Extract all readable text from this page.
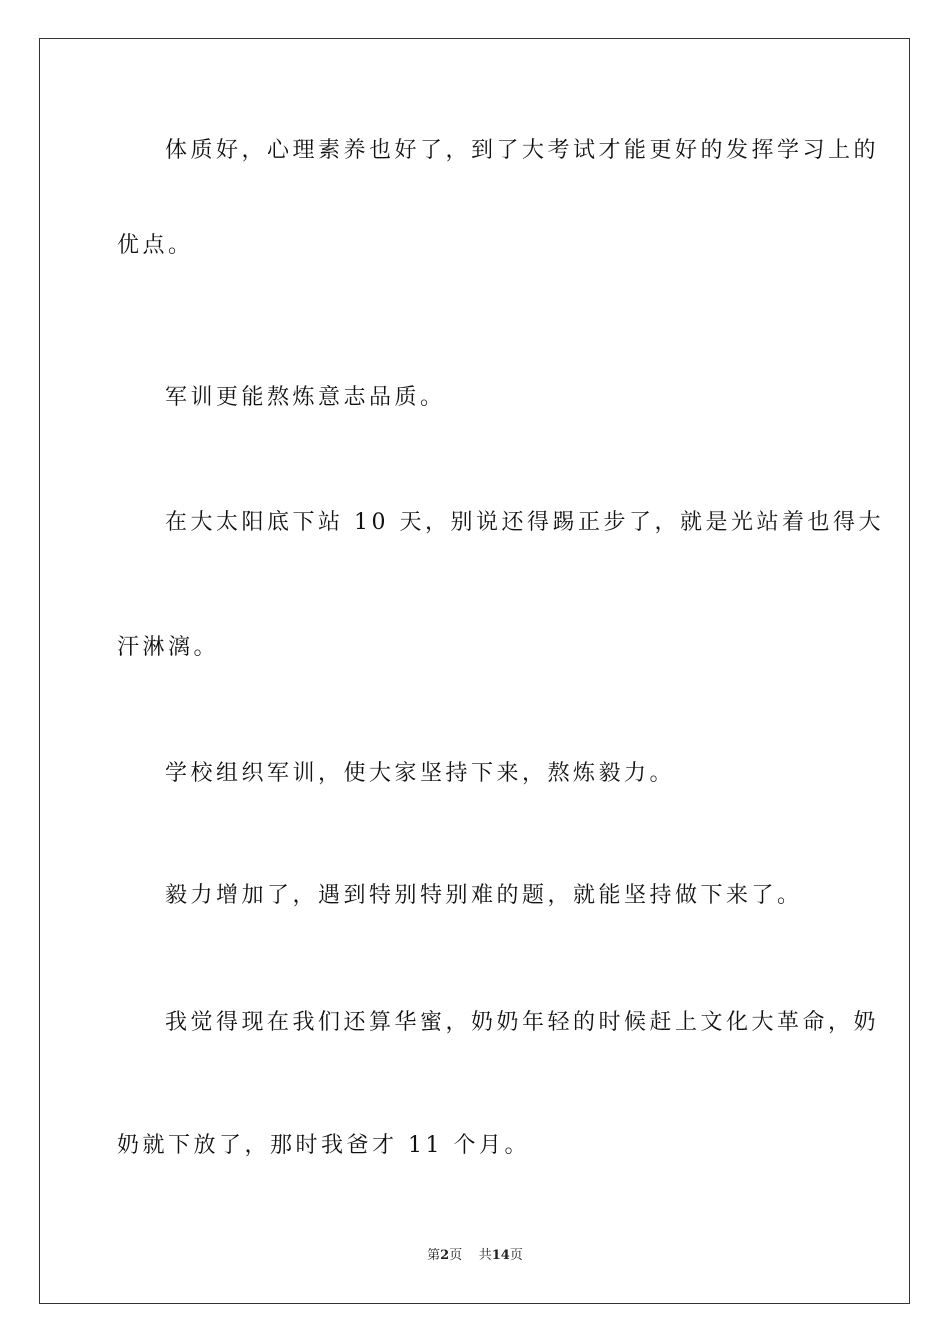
体质好，心理素养也好了，到了大考试才能更好的发挥学习上的
优点。
军训更能熬炼意志品质。
在大太阳底下站 10 天，别说还得踢正步了，就是光站着也得大
汗淋漓。
学校组织军训，使大家坚持下来，熬炼毅力。
毅力增加了，遇到特别特别难的题，就能坚持做下来了。
我觉得现在我们还算华蜜，奶奶年轻的时候赶上文化大革命，奶
奶就下放了，那时我爸才 11 个月。
第2页 共14页
